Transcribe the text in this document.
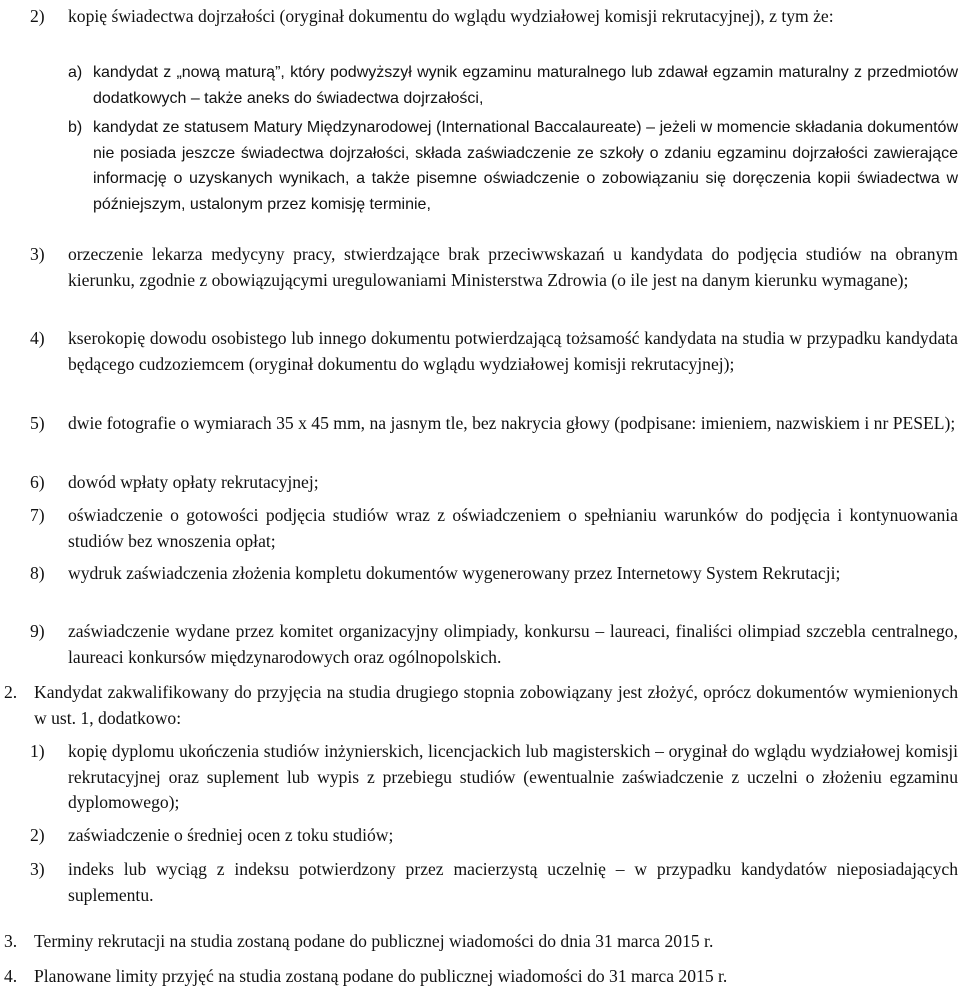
2) kopię świadectwa dojrzałości (oryginał dokumentu do wglądu wydziałowej komisji rekrutacyjnej), z tym że:
a) kandydat z „nową maturą”, który podwyższył wynik egzaminu maturalnego lub zdawał egzamin maturalny z przedmiotów dodatkowych – także aneks do świadectwa dojrzałości,
b) kandydat ze statusem Matury Międzynarodowej (International Baccalaureate) – jeżeli w momencie składania dokumentów nie posiada jeszcze świadectwa dojrzałości, składa zaświadczenie ze szkoły o zdaniu egzaminu dojrzałości zawierające informację o uzyskanych wynikach, a także pisemne oświadczenie o zobowiązaniu się doręczenia kopii świadectwa w późniejszym, ustalonym przez komisję terminie,
3) orzeczenie lekarza medycyny pracy, stwierdzające brak przeciwwskazań u kandydata do podjęcia studiów na obranym kierunku, zgodnie z obowiązującymi uregulowaniami Ministerstwa Zdrowia (o ile jest na danym kierunku wymagane);
4) kserokopię dowodu osobistego lub innego dokumentu potwierdzającą tożsamość kandydata na studia w przypadku kandydata będącego cudzoziemcem (oryginał dokumentu do wglądu wydziałowej komisji rekrutacyjnej);
5) dwie fotografie o wymiarach 35 x 45 mm, na jasnym tle, bez nakrycia głowy (podpisane: imieniem, nazwiskiem i nr PESEL);
6) dowód wpłaty opłaty rekrutacyjnej;
7) oświadczenie o gotowości podjęcia studiów wraz z oświadczeniem o spełnianiu warunków do podjęcia i kontynuowania studiów bez wnoszenia opłat;
8) wydruk zaświadczenia złożenia kompletu dokumentów wygenerowany przez Internetowy System Rekrutacji;
9) zaświadczenie wydane przez komitet organizacyjny olimpiady, konkursu – laureaci, finaliści olimpiad szczebla centralnego, laureaci konkursów międzynarodowych oraz ogólnopolskich.
2. Kandydat zakwalifikowany do przyjęcia na studia drugiego stopnia zobowiązany jest złożyć, oprócz dokumentów wymienionych w ust. 1, dodatkowo:
1) kopię dyplomu ukończenia studiów inżynierskich, licencjackich lub magisterskich – oryginał do wglądu wydziałowej komisji rekrutacyjnej oraz suplement lub wypis z przebiegu studiów (ewentualnie zaświadczenie z uczelni o złożeniu egzaminu dyplomowego);
2) zaświadczenie o średniej ocen z toku studiów;
3) indeks lub wyciąg z indeksu potwierdzony przez macierzystą uczelnię – w przypadku kandydatów nieposiadających suplementu.
3. Terminy rekrutacji na studia zostaną podane do publicznej wiadomości do dnia 31 marca 2015 r.
4. Planowane limity przyjęć na studia zostaną podane do publicznej wiadomości do 31 marca 2015 r.
